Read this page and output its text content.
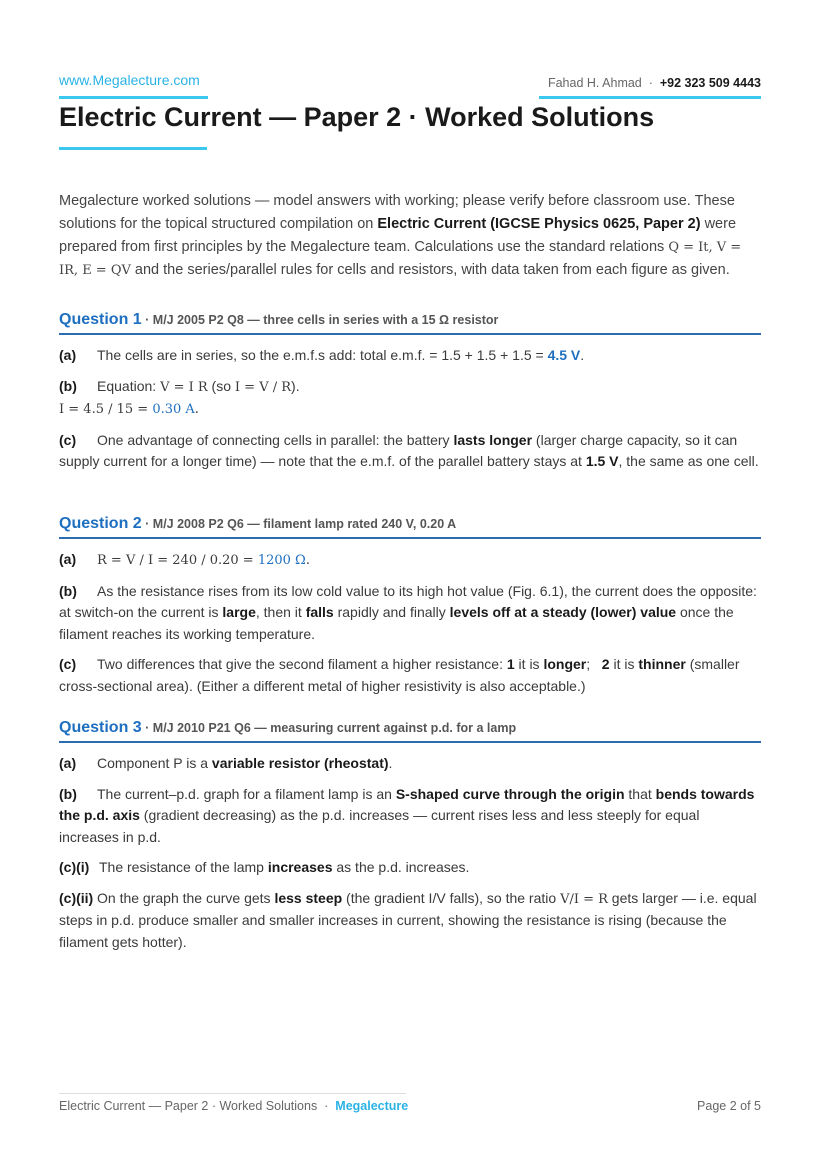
www.Megalecture.com	Fahad H. Ahmad · +92 323 509 4443
Electric Current — Paper 2 · Worked Solutions

Megalecture worked solutions — model answers with working; please verify before classroom use. These solutions for the topical structured compilation on Electric Current (IGCSE Physics 0625, Paper 2) were prepared from first principles by the Megalecture team. Calculations use the standard relations Q = It, V = IR, E = QV and the series/parallel rules for cells and resistors, with data taken from each figure as given.

Question 1 · M/J 2005 P2 Q8 — three cells in series with a 15 Ω resistor

(a) The cells are in series, so the e.m.f.s add: total e.m.f. = 1.5 + 1.5 + 1.5 = 4.5 V.

(b) Equation: V = I R (so I = V / R).
I = 4.5 / 15 = 0.30 A.

(c) One advantage of connecting cells in parallel: the battery lasts longer (larger charge capacity, so it can supply current for a longer time) — note that the e.m.f. of the parallel battery stays at 1.5 V, the same as one cell.

Question 2 · M/J 2008 P2 Q6 — filament lamp rated 240 V, 0.20 A

(a) R = V / I = 240 / 0.20 = 1200 Ω.

(b) As the resistance rises from its low cold value to its high hot value (Fig. 6.1), the current does the opposite: at switch-on the current is large, then it falls rapidly and finally levels off at a steady (lower) value once the filament reaches its working temperature.

(c) Two differences that give the second filament a higher resistance: 1 it is longer;   2 it is thinner (smaller cross-sectional area). (Either a different metal of higher resistivity is also acceptable.)

Question 3 · M/J 2010 P21 Q6 — measuring current against p.d. for a lamp

(a) Component P is a variable resistor (rheostat).

(b) The current–p.d. graph for a filament lamp is an S-shaped curve through the origin that bends towards the p.d. axis (gradient decreasing) as the p.d. increases — current rises less and less steeply for equal increases in p.d.

(c)(i) The resistance of the lamp increases as the p.d. increases.

(c)(ii) On the graph the curve gets less steep (the gradient I/V falls), so the ratio V/I = R gets larger — i.e. equal steps in p.d. produce smaller and smaller increases in current, showing the resistance is rising (because the filament gets hotter).

Electric Current — Paper 2 · Worked Solutions · Megalecture	Page 2 of 5
